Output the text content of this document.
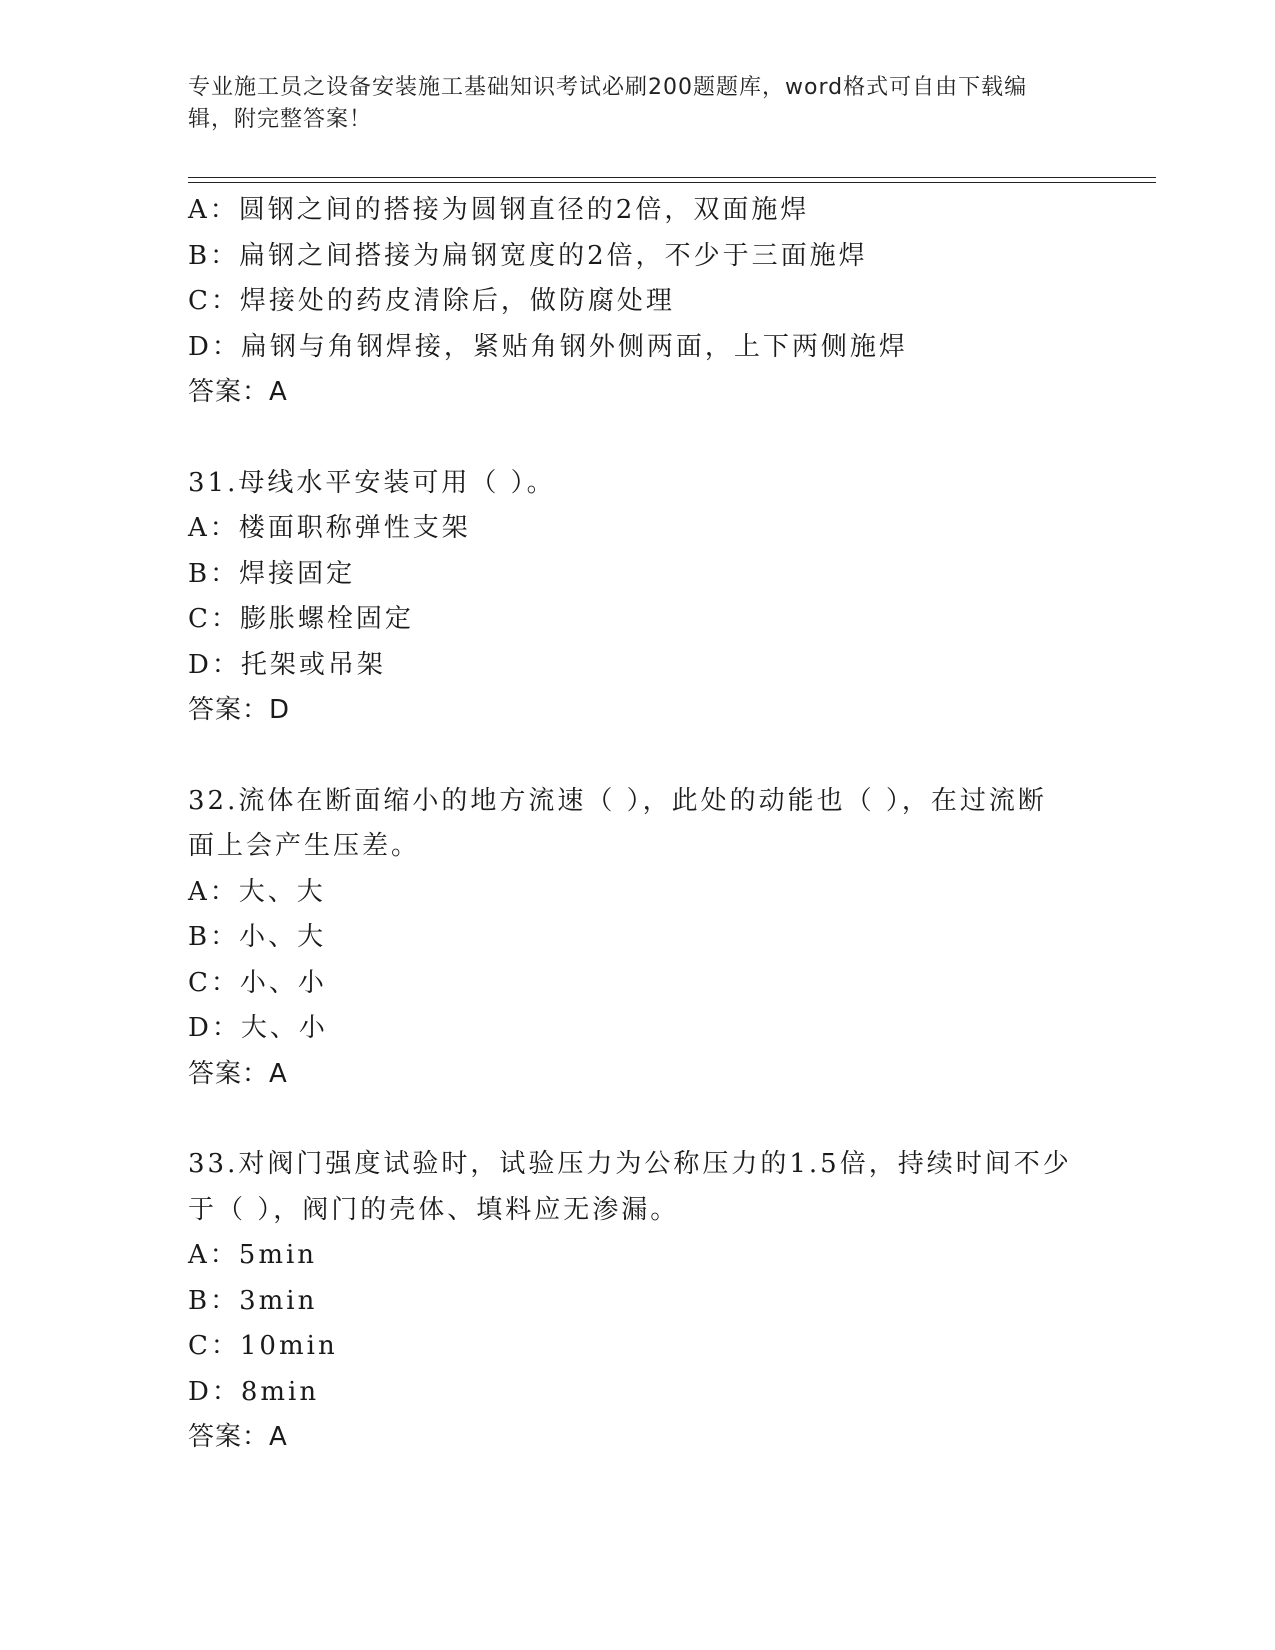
专业施工员之设备安装施工基础知识考试必刷200题题库，word格式可自由下载编辑，附完整答案！
A：圆钢之间的搭接为圆钢直径的2倍，双面施焊
B：扁钢之间搭接为扁钢宽度的2倍，不少于三面施焊
C：焊接处的药皮清除后，做防腐处理
D：扁钢与角钢焊接，紧贴角钢外侧两面，上下两侧施焊
答案：A
31.母线水平安装可用（ ）。
A：楼面职称弹性支架
B：焊接固定
C：膨胀螺栓固定
D：托架或吊架
答案：D
32.流体在断面缩小的地方流速（ ），此处的动能也（ ），在过流断
面上会产生压差。
A：大、大
B：小、大
C：小、小
D：大、小
答案：A
33.对阀门强度试验时，试验压力为公称压力的1.5倍，持续时间不少
于（ ），阀门的壳体、填料应无渗漏。
A：5min
B：3min
C：10min
D：8min
答案：A
